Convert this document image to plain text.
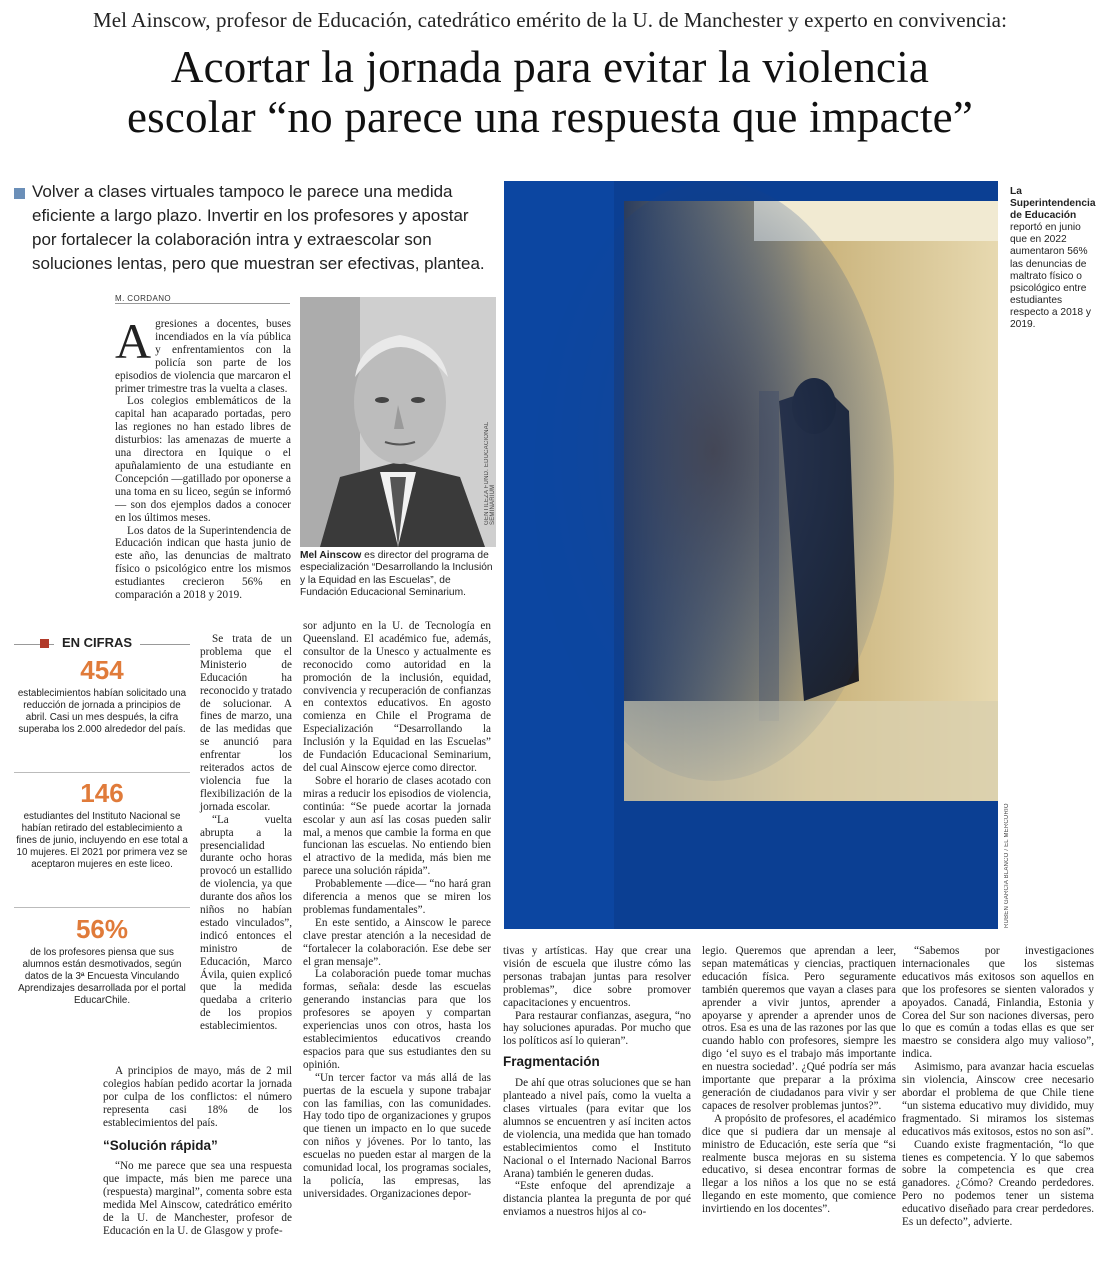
Mel Ainscow, profesor de Educación, catedrático emérito de la U. de Manchester y experto en convivencia:
Acortar la jornada para evitar la violencia
escolar “no parece una respuesta que impacte”
Volver a clases virtuales tampoco le parece una medida eficiente a largo plazo. Invertir en los profesores y apostar por fortalecer la colaboración intra y extraescolar son soluciones lentas, pero que muestran ser efectivas, plantea.
M. CORDANO

Agresiones a docentes, buses incendiados en la vía pública y enfrentamientos con la policía son parte de los episodios de violencia que marcaron el primer trimestre tras la vuelta a clases.

Los colegios emblemáticos de la capital han acaparado portadas, pero las regiones no han estado libres de disturbios: las amenazas de muerte a una directora en Iquique o el apuñalamiento de una estudiante en Concepción —gatillado por oponerse a una toma en su liceo, según se informó— son dos ejemplos dados a conocer en los últimos meses.

Los datos de la Superintendencia de Educación indican que hasta junio de este año, las denuncias de maltrato físico o psicológico entre los mismos estudiantes crecieron 56% en comparación a 2018 y 2019.

GENTILEZA FUND. EDUCACIONAL SEMINARIUM
Mel Ainscow es director del programa de especialización “Desarrollando la Inclusión y la Equidad en las Escuelas”, de Fundación Educacional Seminarium.
RUBEN GARCIA BLANCO / EL MERCURIO
La Superintendencia de Educación reportó en junio que en 2022 aumentaron 56% las denuncias de maltrato físico o psicológico entre estudiantes respecto a 2018 y 2019.
EN CIFRAS
454
establecimientos habían solicitado una reducción de jornada a principios de abril. Casi un mes después, la cifra superaba los 2.000 alrededor del país.
146
estudiantes del Instituto Nacional se habían retirado del establecimiento a fines de junio, incluyendo en ese total a 10 mujeres. El 2021 por primera vez se aceptaron mujeres en este liceo.
56%
de los profesores piensa que sus alumnos están desmotivados, según datos de la 3ª Encuesta Vinculando Aprendizajes desarrollada por el portal EducarChile.

Se trata de un problema que el Ministerio de Educación ha reconocido y tratado de solucionar. A fines de marzo, una de las medidas que se anunció para enfrentar los reiterados actos de violencia fue la flexibilización de la jornada escolar.

“La vuelta abrupta a la presencialidad durante ocho horas provocó un estallido de violencia, ya que durante dos años los niños no habían estado vinculados”, indicó entonces el ministro de Educación, Marco Ávila, quien explicó que la medida quedaba a criterio de los propios establecimientos.

A principios de mayo, más de 2 mil colegios habían pedido acortar la jornada por culpa de los conflictos: el número representa casi 18% de los establecimientos del país.

“Solución rápida”

“No me parece que sea una respuesta que impacte, más bien me parece una (respuesta) marginal”, comenta sobre esta medida Mel Ainscow, catedrático emérito de la U. de Manchester, profesor de Educación en la U. de Glasgow y profe-

sor adjunto en la U. de Tecnología en Queensland. El académico fue, además, consultor de la Unesco y actualmente es reconocido como autoridad en la promoción de la inclusión, equidad, convivencia y recuperación de confianzas en contextos educativos. En agosto comienza en Chile el Programa de Especialización “Desarrollando la Inclusión y la Equidad en las Escuelas” de Fundación Educacional Seminarium, del cual Ainscow ejerce como director.

Sobre el horario de clases acotado con miras a reducir los episodios de violencia, continúa: “Se puede acortar la jornada escolar y aun así las cosas pueden salir mal, a menos que cambie la forma en que funcionan las escuelas. No entiendo bien el atractivo de la medida, más bien me parece una solución rápida”.

Probablemente —dice— “no hará gran diferencia a menos que se miren los problemas fundamentales”.

En este sentido, a Ainscow le parece clave prestar atención a la necesidad de “fortalecer la colaboración. Ese debe ser el gran mensaje”.

La colaboración puede tomar muchas formas, señala: desde las escuelas generando instancias para que los profesores se apoyen y compartan experiencias unos con otros, hasta los establecimientos educativos creando espacios para que sus estudiantes den su opinión.

“Un tercer factor va más allá de las puertas de la escuela y supone trabajar con las familias, con las comunidades. Hay todo tipo de organizaciones y grupos que tienen un impacto en lo que sucede con niños y jóvenes. Por lo tanto, las escuelas no pueden estar al margen de la comunidad local, los programas sociales, la policía, las empresas, las universidades. Organizaciones depor-

tivas y artísticas. Hay que crear una visión de escuela que ilustre cómo las personas trabajan juntas para resolver problemas”, dice sobre promover capacitaciones y encuentros.

Para restaurar confianzas, asegura, “no hay soluciones apuradas. Por mucho que los políticos así lo quieran”.

Fragmentación

De ahí que otras soluciones que se han planteado a nivel país, como la vuelta a clases virtuales (para evitar que los alumnos se encuentren y así inciten actos de violencia, una medida que han tomado establecimientos como el Instituto Nacional o el Internado Nacional Barros Arana) también le generen dudas.

“Este enfoque del aprendizaje a distancia plantea la pregunta de por qué enviamos a nuestros hijos al co-

legio. Queremos que aprendan a leer, sepan matemáticas y ciencias, practiquen educación física. Pero seguramente también queremos que vayan a clases para aprender a vivir juntos, aprender a apoyarse y aprender a aprender unos de otros. Esa es una de las razones por las que cuando hablo con profesores, siempre les digo ‘el suyo es el trabajo más importante en nuestra sociedad’. ¿Qué podría ser más importante que preparar a la próxima generación de ciudadanos para vivir y ser capaces de resolver problemas juntos?”.

A propósito de profesores, el académico dice que si pudiera dar un mensaje al ministro de Educación, este sería que “si realmente busca mejoras en su sistema educativo, si desea encontrar formas de llegar a los niños a los que no se está llegando en este momento, que comience invirtiendo en los docentes”.

“Sabemos por investigaciones internacionales que los sistemas educativos más exitosos son aquellos en que los profesores se sienten valorados y apoyados. Canadá, Finlandia, Estonia y Corea del Sur son naciones diversas, pero lo que es común a todas ellas es que ser maestro se considera algo muy valioso”, indica.

Asimismo, para avanzar hacia escuelas sin violencia, Ainscow cree necesario abordar el problema de que Chile tiene “un sistema educativo muy dividido, muy fragmentado. Si miramos los sistemas educativos más exitosos, estos no son así”.

Cuando existe fragmentación, “lo que tienes es competencia. Y lo que sabemos sobre la competencia es que crea ganadores. ¿Cómo? Creando perdedores. Pero no podemos tener un sistema educativo diseñado para crear perdedores. Es un defecto”, advierte.
